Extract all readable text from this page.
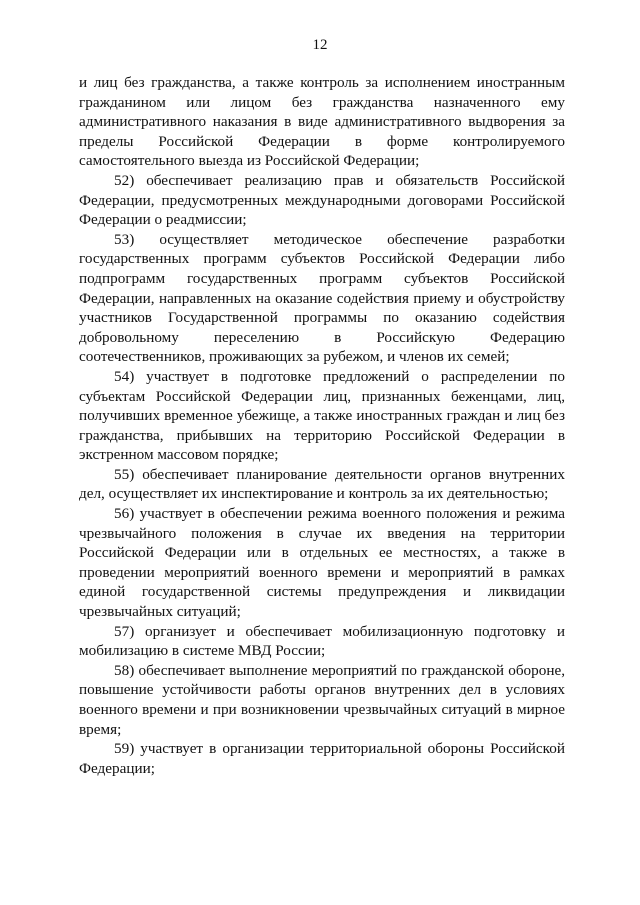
12

и лиц без гражданства, а также контроль за исполнением иностранным гражданином или лицом без гражданства назначенного ему административного наказания в виде административного выдворения за пределы Российской Федерации в форме контролируемого самостоятельного выезда из Российской Федерации;

52) обеспечивает реализацию прав и обязательств Российской Федерации, предусмотренных международными договорами Российской Федерации о реадмиссии;

53) осуществляет методическое обеспечение разработки государственных программ субъектов Российской Федерации либо подпрограмм государственных программ субъектов Российской Федерации, направленных на оказание содействия приему и обустройству участников Государственной программы по оказанию содействия добровольному переселению в Российскую Федерацию соотечественников, проживающих за рубежом, и членов их семей;

54) участвует в подготовке предложений о распределении по субъектам Российской Федерации лиц, признанных беженцами, лиц, получивших временное убежище, а также иностранных граждан и лиц без гражданства, прибывших на территорию Российской Федерации в экстренном массовом порядке;

55) обеспечивает планирование деятельности органов внутренних дел, осуществляет их инспектирование и контроль за их деятельностью;

56) участвует в обеспечении режима военного положения и режима чрезвычайного положения в случае их введения на территории Российской Федерации или в отдельных ее местностях, а также в проведении мероприятий военного времени и мероприятий в рамках единой государственной системы предупреждения и ликвидации чрезвычайных ситуаций;

57) организует и обеспечивает мобилизационную подготовку и мобилизацию в системе МВД России;

58) обеспечивает выполнение мероприятий по гражданской обороне, повышение устойчивости работы органов внутренних дел в условиях военного времени и при возникновении чрезвычайных ситуаций в мирное время;

59) участвует в организации территориальной обороны Российской Федерации;
